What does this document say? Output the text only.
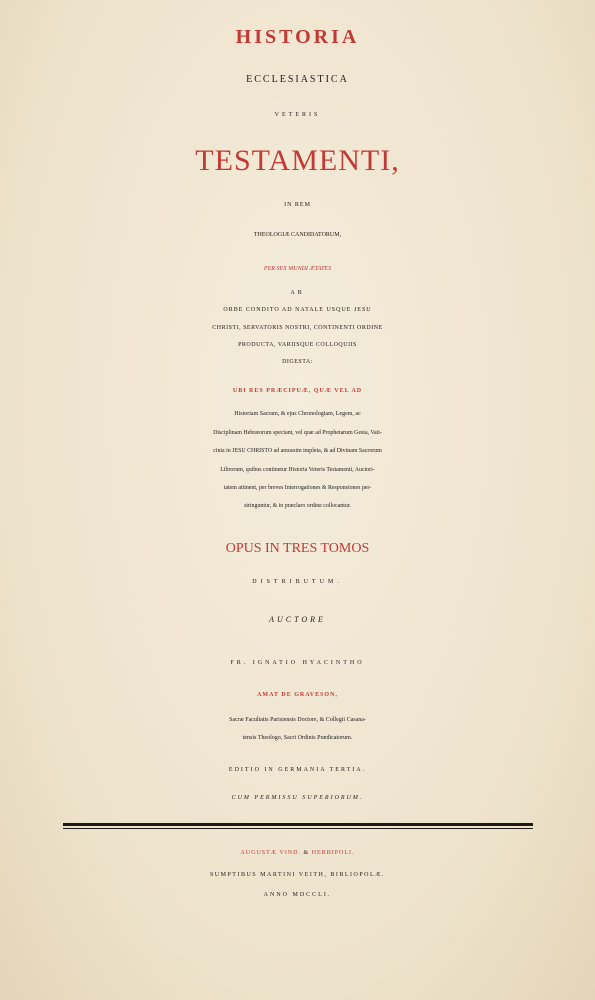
HISTORIA
ECCLESIASTICA
VETERIS
TESTAMENTI,
IN REM
THEOLOGIÆ CANDIDATORUM,
PER SEX MUNDI ÆTATES
AB
ORBE CONDITO AD NATALE USQUE JESU
CHRISTI, SERVATORIS NOSTRI, CONTINENTI ORDINE
PRODUCTA, VARIISQUE COLLOQUIIS
DIGESTA:
UBI RES PRÆCIPUÆ, QUÆ VEL AD
Historiam Sacram, & ejus Chronologiam, Legem, ac
Disciplinam Hebræorum spectant, vel quæ ad Prophetarum Gesta, Vati-
cinia in JESU CHRISTO ad amussim impleta, & ad Divinam Sacrorum
Librorum, quibus continetur Historia Veteris Testamenti, Auctori-
tatem attinent, per breves Interrogationes & Responsiones per-
stringuntur, & in præclaro ordine collocantur.
OPUS IN TRES TOMOS
DISTRIBUTUM.
AUCTORE
FR. IGNATIO HYACINTHO
AMAT DE GRAVESON,
Sacræ Facultatis Parisiensis Doctore, & Collegii Casana-
tensis Theologo, Sacri Ordinis Prædicatorum.
EDITIO IN GERMANIA TERTIA.
CUM PERMISSU SUPERIORUM.
AUGUSTÆ VIND. & HERBIPOLI.
SUMPTIBUS MARTINI VEITH, BIBLIOPOLÆ.
ANNO MDCCLI.
